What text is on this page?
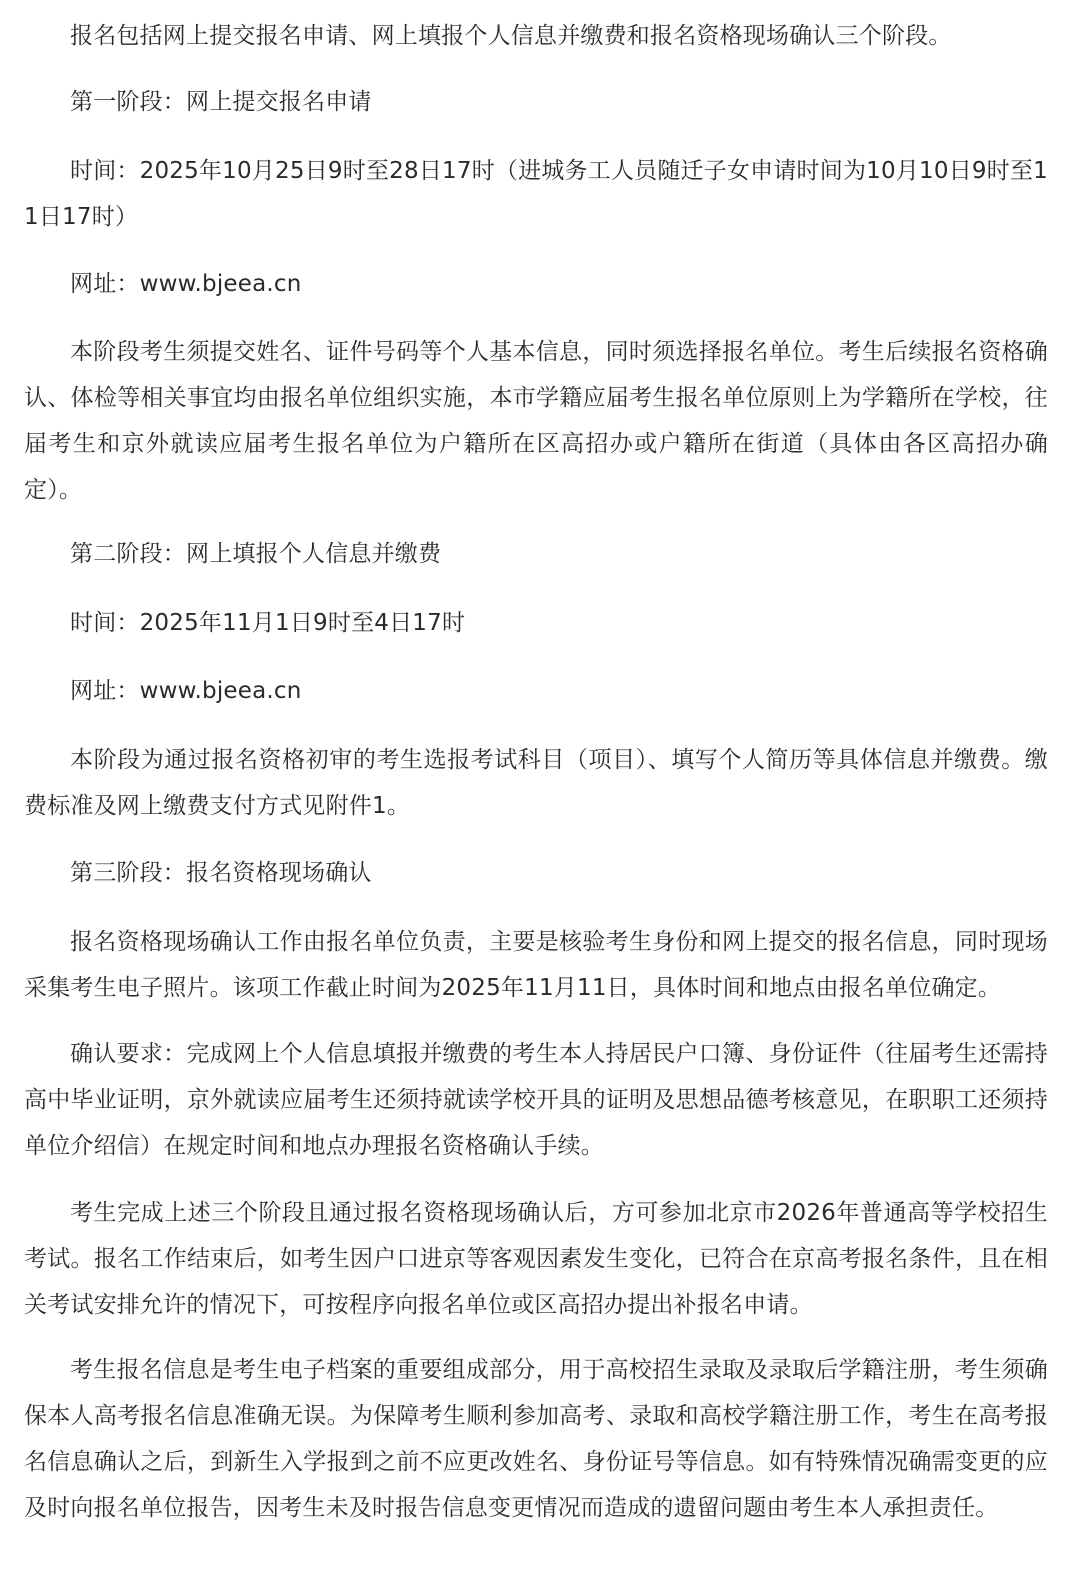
报名包括网上提交报名申请、网上填报个人信息并缴费和报名资格现场确认三个阶段。

第一阶段：网上提交报名申请

时间：2025年10月25日9时至28日17时（进城务工人员随迁子女申请时间为10月10日9时至11日17时）

网址：www.bjeea.cn

本阶段考生须提交姓名、证件号码等个人基本信息，同时须选择报名单位。考生后续报名资格确认、体检等相关事宜均由报名单位组织实施，本市学籍应届考生报名单位原则上为学籍所在学校，往届考生和京外就读应届考生报名单位为户籍所在区高招办或户籍所在街道（具体由各区高招办确定）。

第二阶段：网上填报个人信息并缴费

时间：2025年11月1日9时至4日17时

网址：www.bjeea.cn

本阶段为通过报名资格初审的考生选报考试科目（项目）、填写个人简历等具体信息并缴费。缴费标准及网上缴费支付方式见附件1。

第三阶段：报名资格现场确认

报名资格现场确认工作由报名单位负责，主要是核验考生身份和网上提交的报名信息，同时现场采集考生电子照片。该项工作截止时间为2025年11月11日，具体时间和地点由报名单位确定。

确认要求：完成网上个人信息填报并缴费的考生本人持居民户口簿、身份证件（往届考生还需持高中毕业证明，京外就读应届考生还须持就读学校开具的证明及思想品德考核意见，在职职工还须持单位介绍信）在规定时间和地点办理报名资格确认手续。

考生完成上述三个阶段且通过报名资格现场确认后，方可参加北京市2026年普通高等学校招生考试。报名工作结束后，如考生因户口进京等客观因素发生变化，已符合在京高考报名条件，且在相关考试安排允许的情况下，可按程序向报名单位或区高招办提出补报名申请。

考生报名信息是考生电子档案的重要组成部分，用于高校招生录取及录取后学籍注册，考生须确保本人高考报名信息准确无误。为保障考生顺利参加高考、录取和高校学籍注册工作，考生在高考报名信息确认之后，到新生入学报到之前不应更改姓名、身份证号等信息。如有特殊情况确需变更的应及时向报名单位报告，因考生未及时报告信息变更情况而造成的遗留问题由考生本人承担责任。
